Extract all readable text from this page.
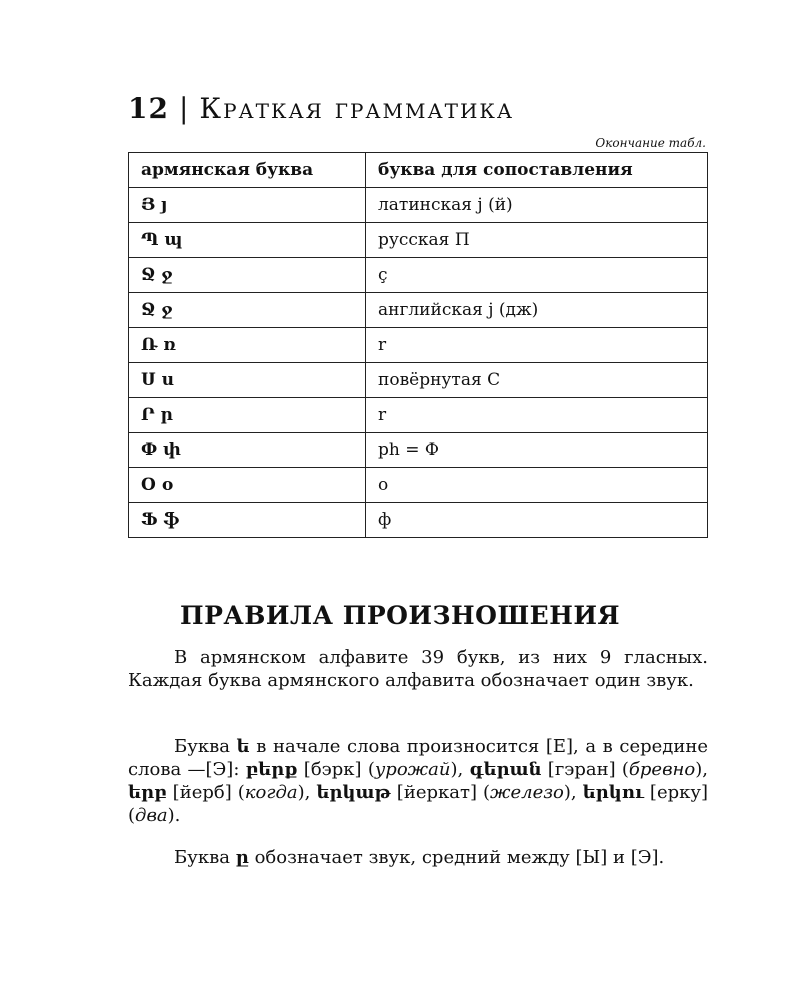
12 | Краткая грамматика
Окончание табл.
армянская буква	буква для сопоставления
Յ յ	латинская j (й)
Պ պ	русская П
Ջ ջ	ç
Ջ ջ	английская j (дж)
Ռ ռ	r
Ս ս	повёрнутая С
Ր ր	r
Փ փ	ph = Ф
Օ օ	o
Ֆ ֆ	ф
ПРАВИЛА ПРОИЗНОШЕНИЯ

В армянском алфавите 39 букв, из них 9 гласных. Каждая буква армянского алфавита обозначает один звук.

Буква ե в начале слова произносится [Е], а в середине слова —[Э]: բերք [бэрк] (урожай), գերան [гэран] (бревно), երբ [йерб] (когда), երկաթ [йеркат] (железо), երկու [ерку] (два).

Буква ը обозначает звук, средний между [Ы] и [Э].
